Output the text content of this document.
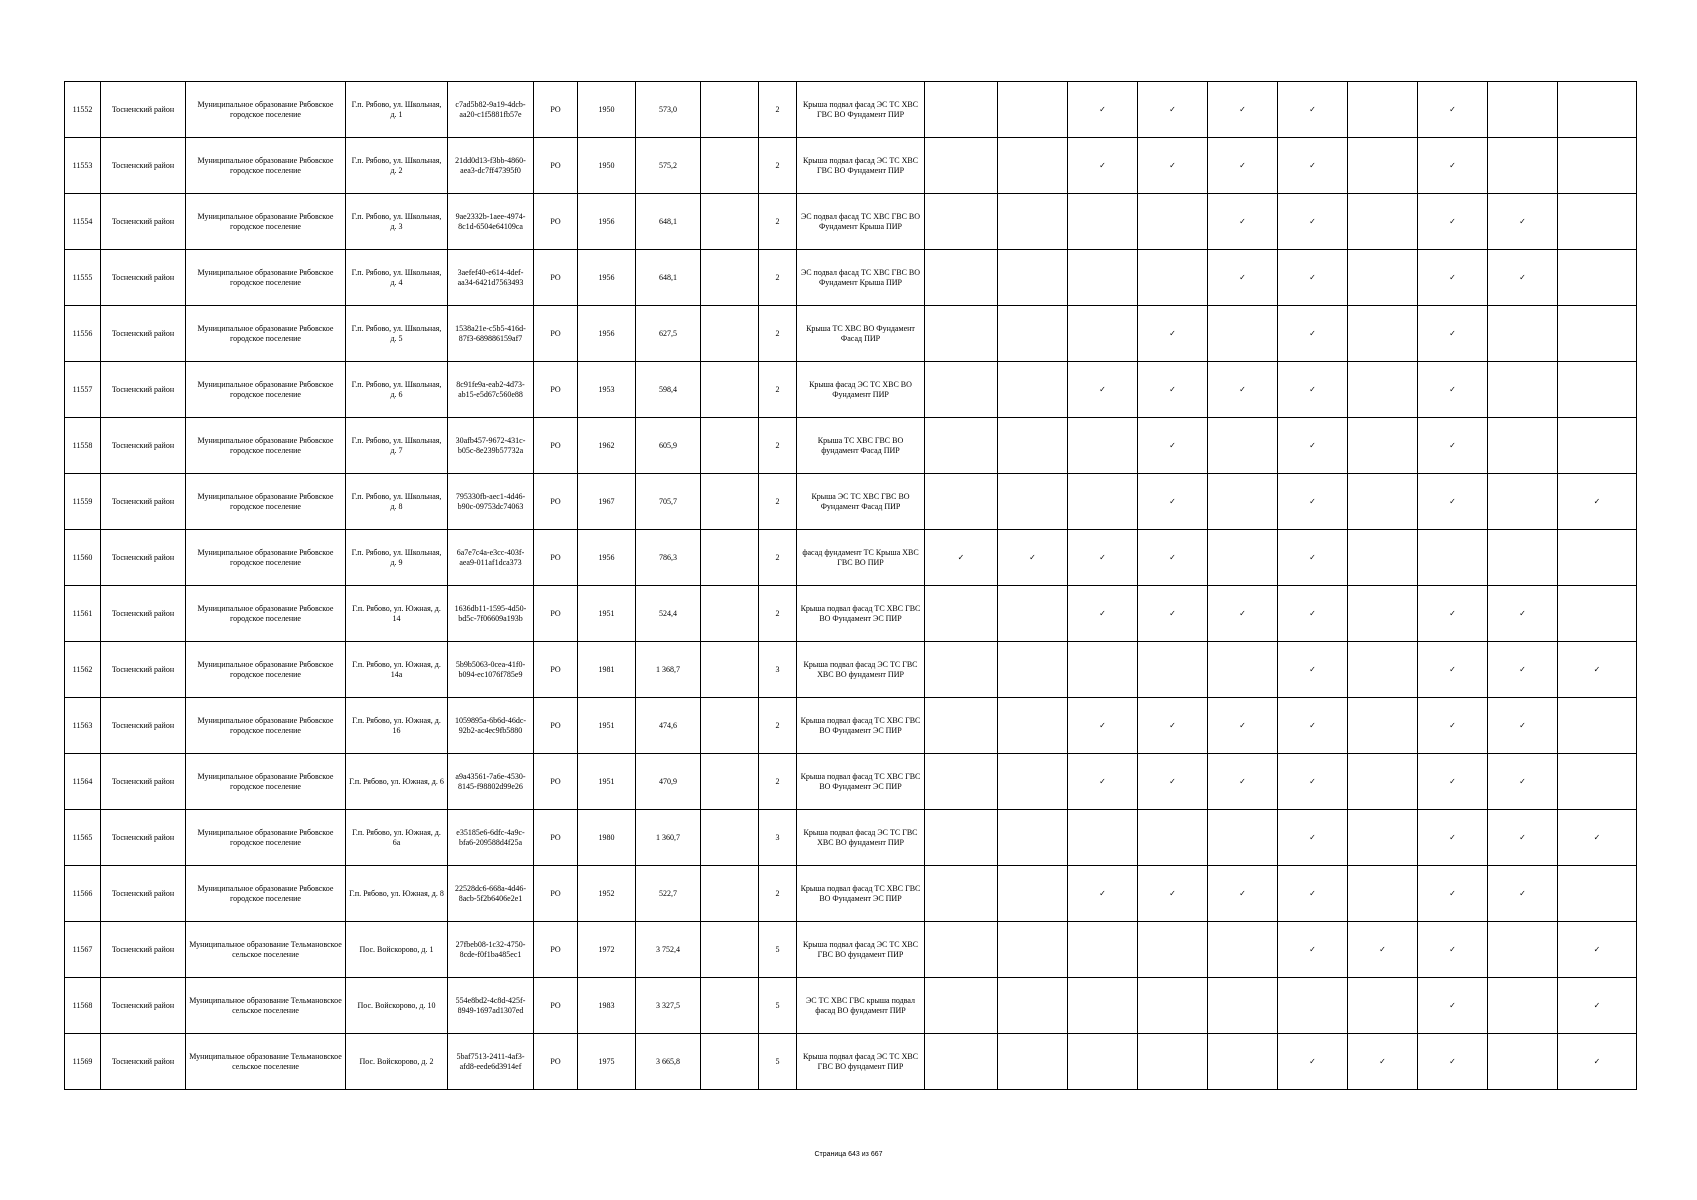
11552	Тосненский район	Муниципальное образование Рябовское городское поселение	Г.п. Рябово, ул. Школьная, д. 1	c7ad5b82-9a19-4dcb-aa20-c1f5881fb57e	РО	1950	573,0		2	Крыша подвал фасад ЭС ТС ХВС ГВС ВО Фундамент ПИР			✓	✓	✓	✓		✓		
11553	Тосненский район	Муниципальное образование Рябовское городское поселение	Г.п. Рябово, ул. Школьная, д. 2	21dd0d13-f3bb-4860-aea3-dc7ff47395f0	РО	1950	575,2		2	Крыша подвал фасад ЭС ТС ХВС ГВС ВО Фундамент ПИР			✓	✓	✓	✓		✓		
11554	Тосненский район	Муниципальное образование Рябовское городское поселение	Г.п. Рябово, ул. Школьная, д. 3	9ae2332b-1aee-4974-8c1d-6504e64109ca	РО	1956	648,1		2	ЭС подвал фасад ТС ХВС ГВС ВО Фундамент Крыша ПИР					✓	✓		✓	✓	
11555	Тосненский район	Муниципальное образование Рябовское городское поселение	Г.п. Рябово, ул. Школьная, д. 4	3aefef40-e614-4def-aa34-6421d7563493	РО	1956	648,1		2	ЭС подвал фасад ТС ХВС ГВС ВО Фундамент Крыша ПИР					✓	✓		✓	✓	
11556	Тосненский район	Муниципальное образование Рябовское городское поселение	Г.п. Рябово, ул. Школьная, д. 5	1538a21e-c5b5-416d-87f3-689886159af7	РО	1956	627,5		2	Крыша ТС ХВС ВО Фундамент Фасад ПИР				✓		✓		✓		
11557	Тосненский район	Муниципальное образование Рябовское городское поселение	Г.п. Рябово, ул. Школьная, д. 6	8c91fe9a-eab2-4d73-ab15-e5d67c560e88	РО	1953	598,4		2	Крыша фасад ЭС ТС ХВС ВО Фундамент ПИР			✓	✓	✓	✓		✓		
11558	Тосненский район	Муниципальное образование Рябовское городское поселение	Г.п. Рябово, ул. Школьная, д. 7	30afb457-9672-431c-b05c-8e239b57732a	РО	1962	605,9		2	Крыша ТС ХВС ГВС ВО фундамент Фасад ПИР				✓		✓		✓		
11559	Тосненский район	Муниципальное образование Рябовское городское поселение	Г.п. Рябово, ул. Школьная, д. 8	795330fb-aec1-4d46-b90c-09753dc74063	РО	1967	705,7		2	Крыша ЭС ТС ХВС ГВС ВО Фундамент Фасад ПИР				✓		✓		✓		✓
11560	Тосненский район	Муниципальное образование Рябовское городское поселение	Г.п. Рябово, ул. Школьная, д. 9	6a7e7c4a-e3cc-403f-aea9-011af1dca373	РО	1956	786,3		2	фасад фундамент ТС Крыша ХВС ГВС ВО ПИР	✓	✓	✓	✓		✓				
11561	Тосненский район	Муниципальное образование Рябовское городское поселение	Г.п. Рябово, ул. Южная, д. 14	1636db11-1595-4d50-bd5c-7f06609a193b	РО	1951	524,4		2	Крыша подвал фасад ТС ХВС ГВС ВО Фундамент ЭС ПИР			✓	✓	✓	✓		✓	✓	
11562	Тосненский район	Муниципальное образование Рябовское городское поселение	Г.п. Рябово, ул. Южная, д. 14а	5b9b5063-0cea-41f0-b094-ec1076f785e9	РО	1981	1 368,7		3	Крыша подвал фасад ЭС ТС ГВС ХВС ВО фундамент ПИР						✓		✓	✓	✓
11563	Тосненский район	Муниципальное образование Рябовское городское поселение	Г.п. Рябово, ул. Южная, д. 16	1059895a-6b6d-46dc-92b2-ac4ec9fb5880	РО	1951	474,6		2	Крыша подвал фасад ТС ХВС ГВС ВО Фундамент ЭС ПИР			✓	✓	✓	✓		✓	✓	
11564	Тосненский район	Муниципальное образование Рябовское городское поселение	Г.п. Рябово, ул. Южная, д. 6	a9a43561-7a6e-4530-8145-f98802d99e26	РО	1951	470,9		2	Крыша подвал фасад ТС ХВС ГВС ВО Фундамент ЭС ПИР			✓	✓	✓	✓		✓	✓	
11565	Тосненский район	Муниципальное образование Рябовское городское поселение	Г.п. Рябово, ул. Южная, д. 6а	e35185e6-6dfc-4a9c-bfa6-209588d4f25a	РО	1980	1 360,7		3	Крыша подвал фасад ЭС ТС ГВС ХВС ВО фундамент ПИР						✓		✓	✓	✓
11566	Тосненский район	Муниципальное образование Рябовское городское поселение	Г.п. Рябово, ул. Южная, д. 8	22528dc6-668a-4d46-8acb-5f2b6406e2e1	РО	1952	522,7		2	Крыша подвал фасад ТС ХВС ГВС ВО Фундамент ЭС ПИР			✓	✓	✓	✓		✓	✓	
11567	Тосненский район	Муниципальное образование Тельмановское сельское поселение	Пос. Войскорово, д. 1	27fbeb08-1c32-4750-8cde-f0f1ba485ec1	РО	1972	3 752,4		5	Крыша подвал фасад ЭС ТС ХВС ГВС ВО фундамент ПИР						✓	✓	✓		✓
11568	Тосненский район	Муниципальное образование Тельмановское сельское поселение	Пос. Войскорово, д. 10	554e8bd2-4c8d-425f-8949-1697ad1307ed	РО	1983	3 327,5		5	ЭС ТС ХВС ГВС крыша подвал фасад ВО фундамент ПИР								✓		✓
11569	Тосненский район	Муниципальное образование Тельмановское сельское поселение	Пос. Войскорово, д. 2	5baf7513-2411-4af3-afd8-eede6d3914ef	РО	1975	3 665,8		5	Крыша подвал фасад ЭС ТС ХВС ГВС ВО фундамент ПИР						✓	✓	✓		✓
Страница 643 из 667
